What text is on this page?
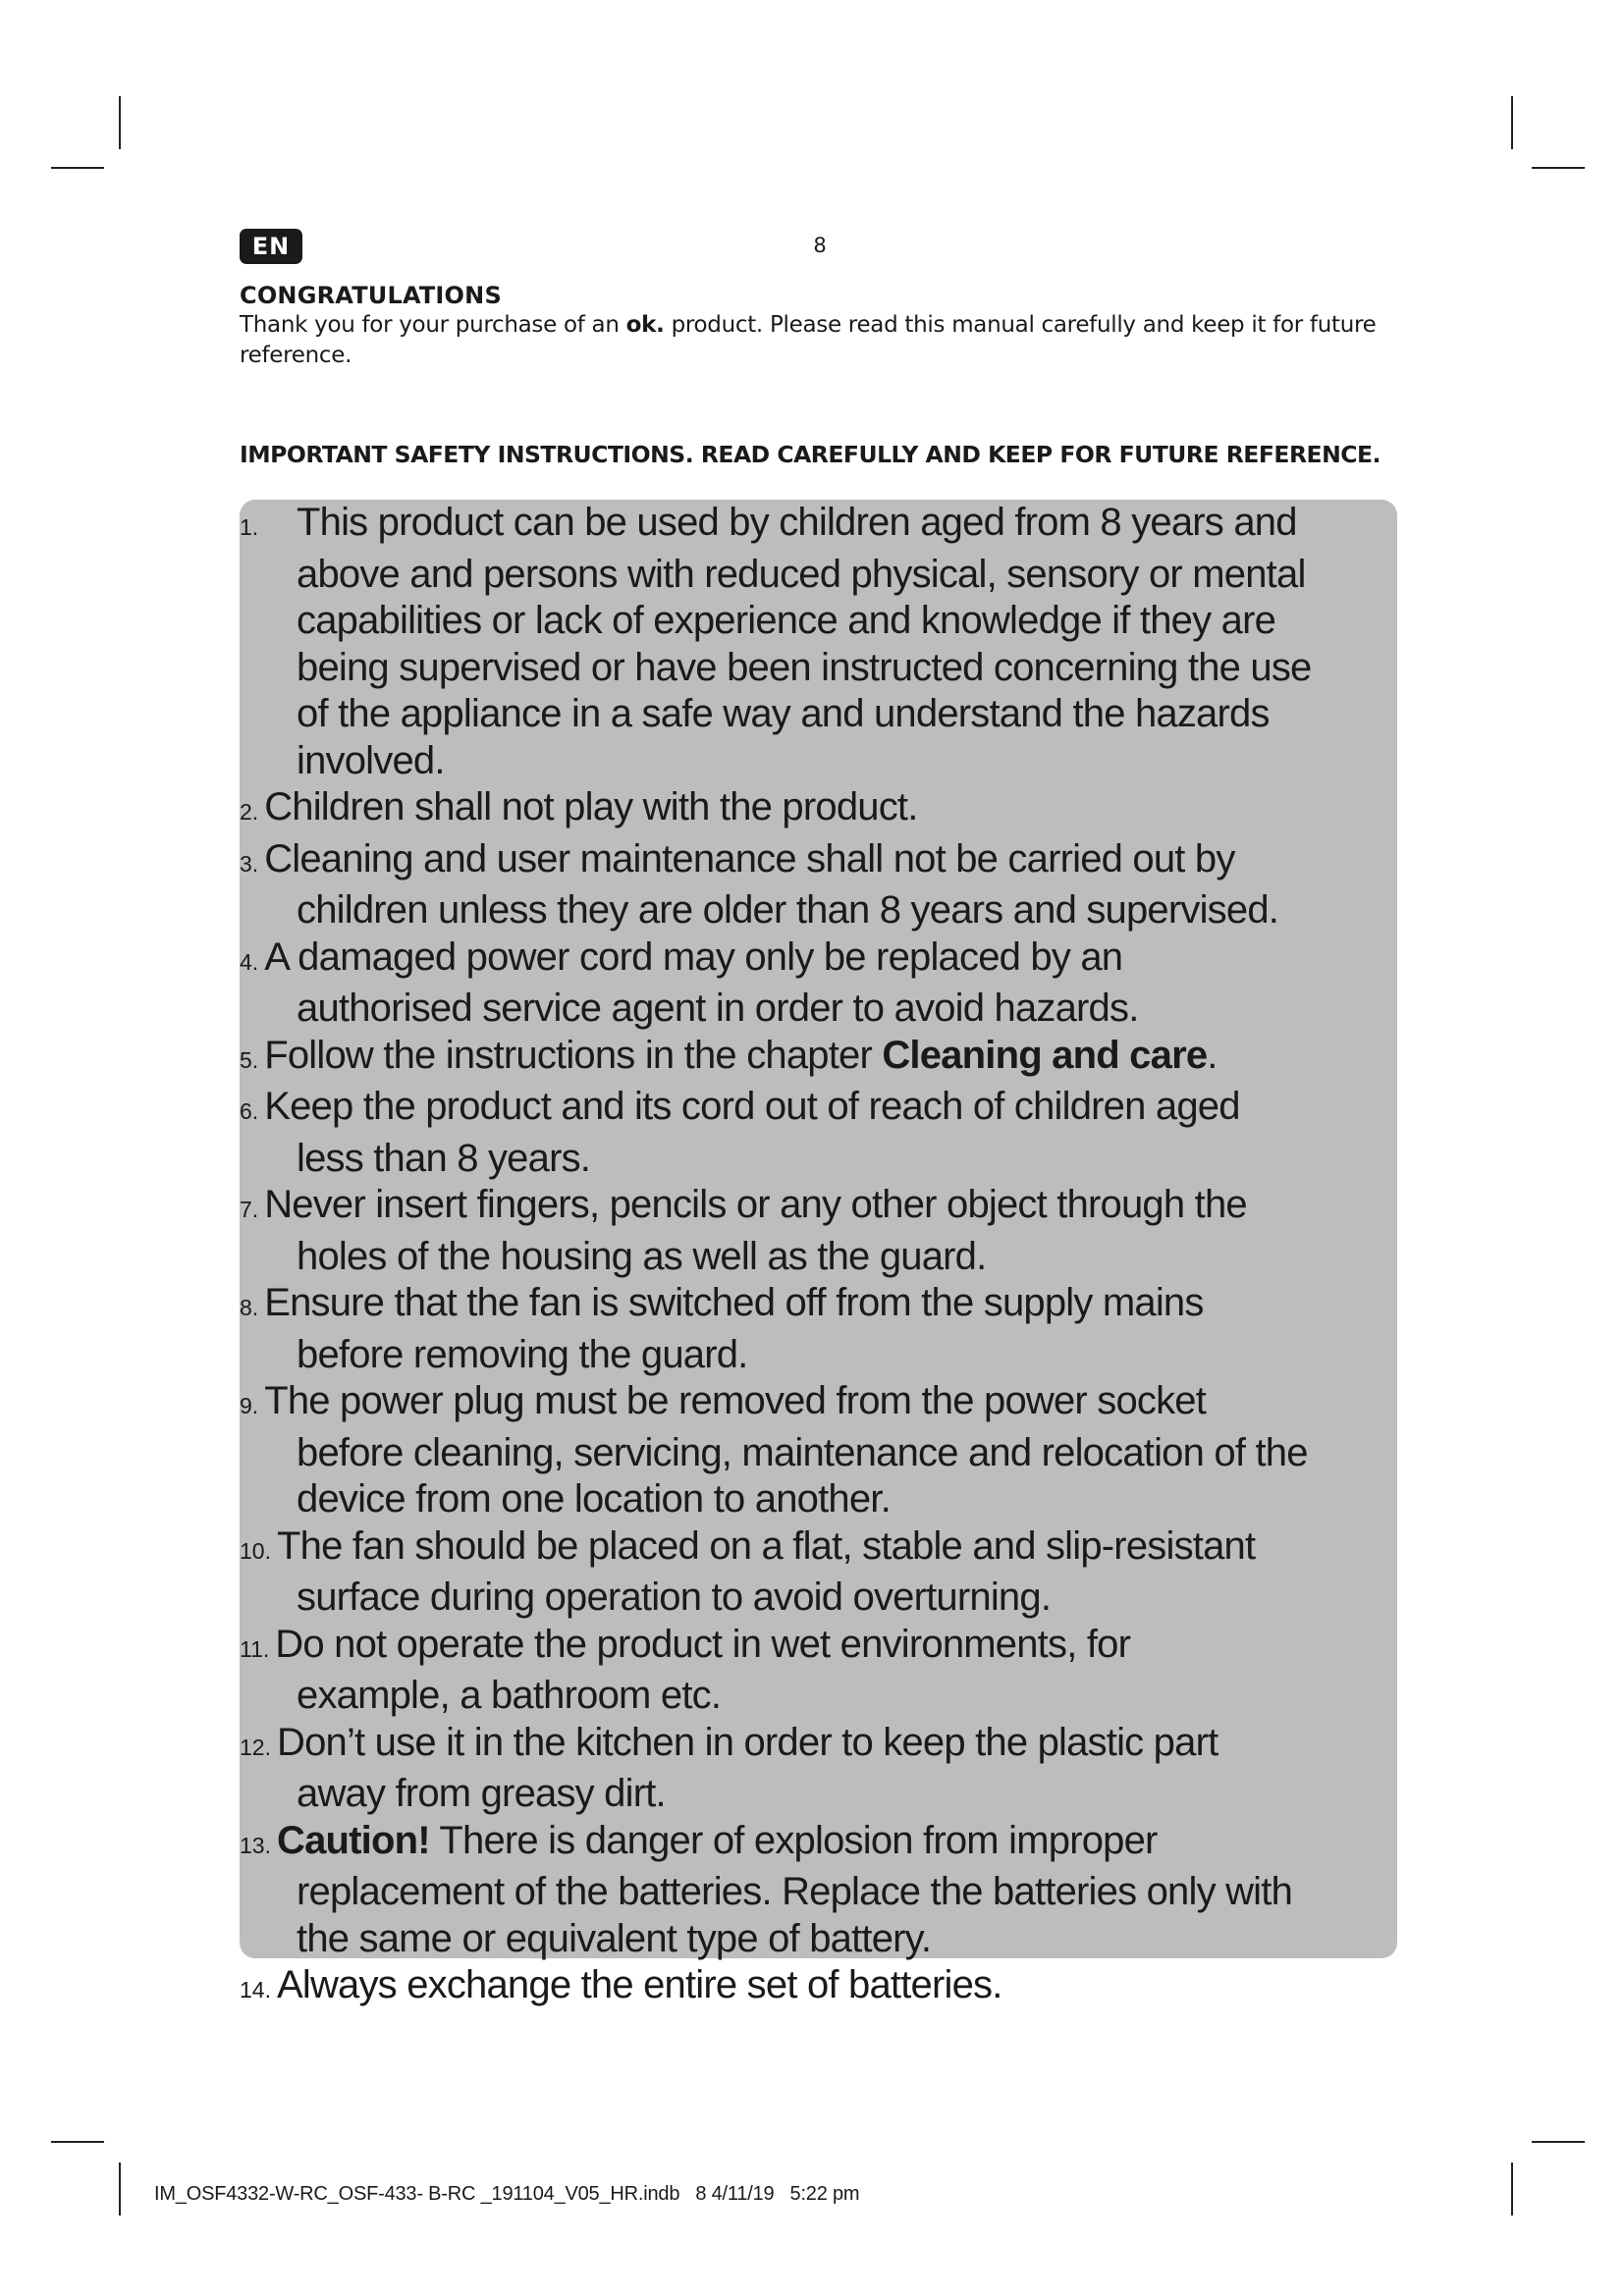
EN	8
CONGRATULATIONS
Thank you for your purchase of an ok. product. Please read this manual carefully and keep it for future reference.
IMPORTANT SAFETY INSTRUCTIONS. READ CAREFULLY AND KEEP FOR FUTURE REFERENCE.
1. This product can be used by children aged from 8 years and
above and persons with reduced physical, sensory or mental
capabilities or lack of experience and knowledge if they are
being supervised or have been instructed concerning the use
of the appliance in a safe way and understand the hazards
involved.
2. Children shall not play with the product.
3. Cleaning and user maintenance shall not be carried out by
children unless they are older than 8 years and supervised.
4. A damaged power cord may only be replaced by an
authorised service agent in order to avoid hazards.
5. Follow the instructions in the chapter Cleaning and care.
6. Keep the product and its cord out of reach of children aged
less than 8 years.
7. Never insert fingers, pencils or any other object through the
holes of the housing as well as the guard.
8. Ensure that the fan is switched off from the supply mains
before removing the guard.
9. The power plug must be removed from the power socket
before cleaning, servicing, maintenance and relocation of the
device from one location to another.
10. The fan should be placed on a flat, stable and slip-resistant
surface during operation to avoid overturning.
11. Do not operate the product in wet environments, for
example, a bathroom etc.
12. Don’t use it in the kitchen in order to keep the plastic part
away from greasy dirt.
13. Caution! There is danger of explosion from improper
replacement of the batteries. Replace the batteries only with
the same or equivalent type of battery.
14. Always exchange the entire set of batteries.
IM_OSF4332-W-RC_OSF-433- B-RC _191104_V05_HR.indb   8 4/11/19   5:22 pm
